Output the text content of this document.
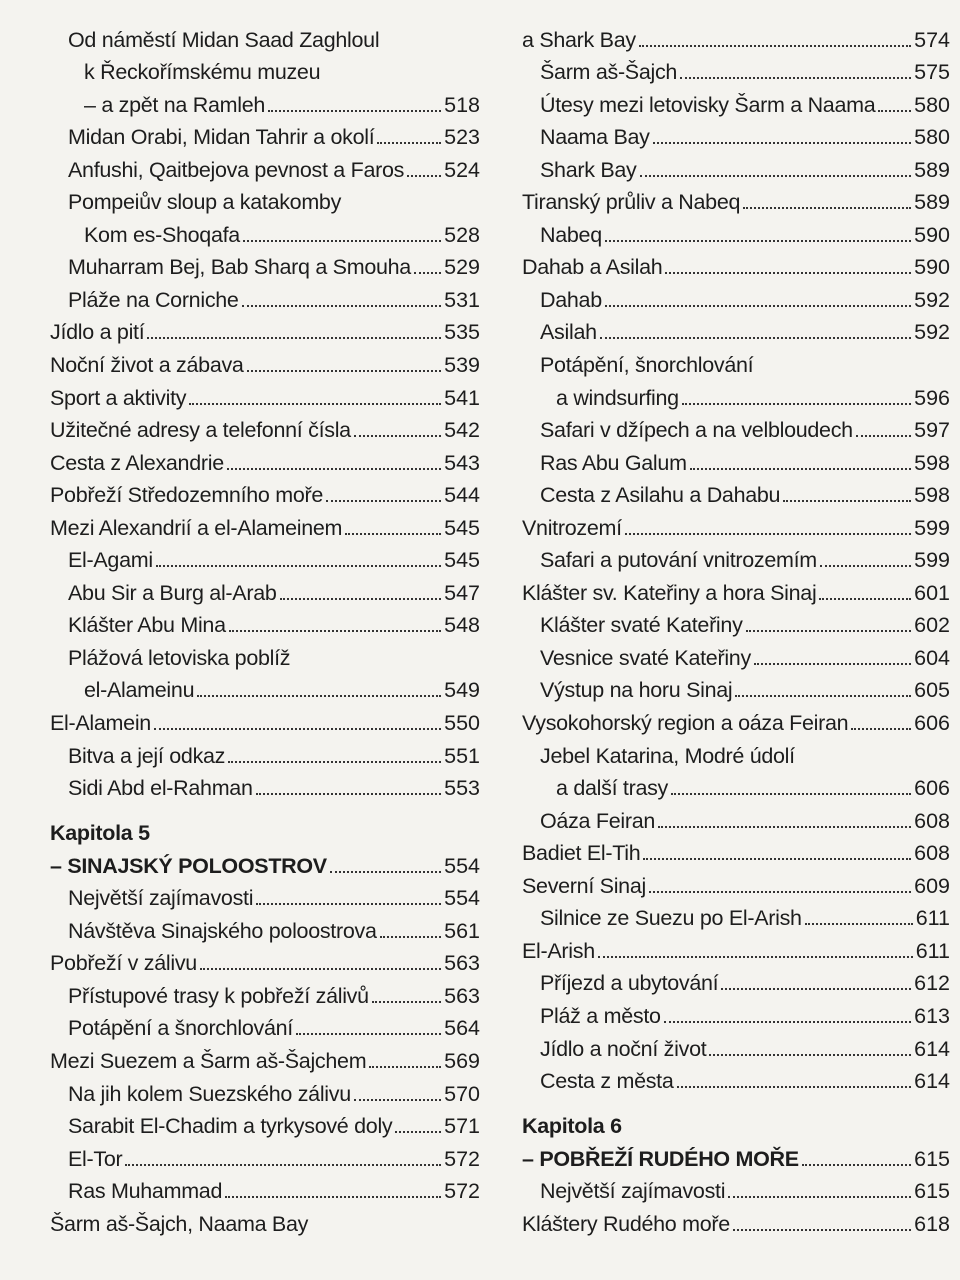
Od náměstí Midan Saad Zaghloul
k Řeckořímskému muzeu
– a zpět na Ramleh	518
Midan Orabi, Midan Tahrir a okolí	523
Anfushi, Qaitbejova pevnost a Faros 524
Pompeiův sloup a katakomby
Kom es-Shoqafa	528
Muharram Bej, Bab Sharq a Smouha 529
Pláže na Corniche	531
Jídlo a pití	535
Noční život a zábava	539
Sport a aktivity	541
Užitečné adresy a telefonní čísla	542
Cesta z Alexandrie	543
Pobřeží Středozemního moře	544
Mezi Alexandrií a el-Alameinem	545
El-Agami	545
Abu Sir a Burg al-Arab	547
Klášter Abu Mina	548
Plážová letoviska poblíž
el-Alameinu	549
El-Alamein	550
Bitva a její odkaz	551
Sidi Abd el-Rahman	553
Kapitola 5
– SINAJSKÝ POLOOSTROV	554
Největší zajímavosti	554
Návštěva Sinajského poloostrova	561
Pobřeží v zálivu	563
Přístupové trasy k pobřeží zálivů	563
Potápění a šnorchlování	564
Mezi Suezem a Šarm aš-Šajchem	569
Na jih kolem Suezského zálivu	570
Sarabit El-Chadim a tyrkysové doly 571
El-Tor	572
Ras Muhammad	572
Šarm aš-Šajch, Naama Bay
a Shark Bay	574
Šarm aš-Šajch	575
Útesy mezi letovisky Šarm a Naama 580
Naama Bay	580
Shark Bay	589
Tiranský průliv a Nabeq	589
Nabeq	590
Dahab a Asilah	590
Dahab	592
Asilah	592
Potápění, šnorchlování
a windsurfing	596
Safari v džípech a na velbloudech	597
Ras Abu Galum	598
Cesta z Asilahu a Dahabu	598
Vnitrozemí	599
Safari a putování vnitrozemím	599
Klášter sv. Kateřiny a hora Sinaj	601
Klášter svaté Kateřiny	602
Vesnice svaté Kateřiny	604
Výstup na horu Sinaj	605
Vysokohorský region a oáza Feiran	606
Jebel Katarina, Modré údolí
a další trasy	606
Oáza Feiran	608
Badiet El-Tih	608
Severní Sinaj	609
Silnice ze Suezu po El-Arish	611
El-Arish	611
Příjezd a ubytování	612
Pláž a město	613
Jídlo a noční život	614
Cesta z města	614
Kapitola 6
– POBŘEŽÍ RUDÉHO MOŘE	615
Největší zajímavosti	615
Kláštery Rudého moře	618
